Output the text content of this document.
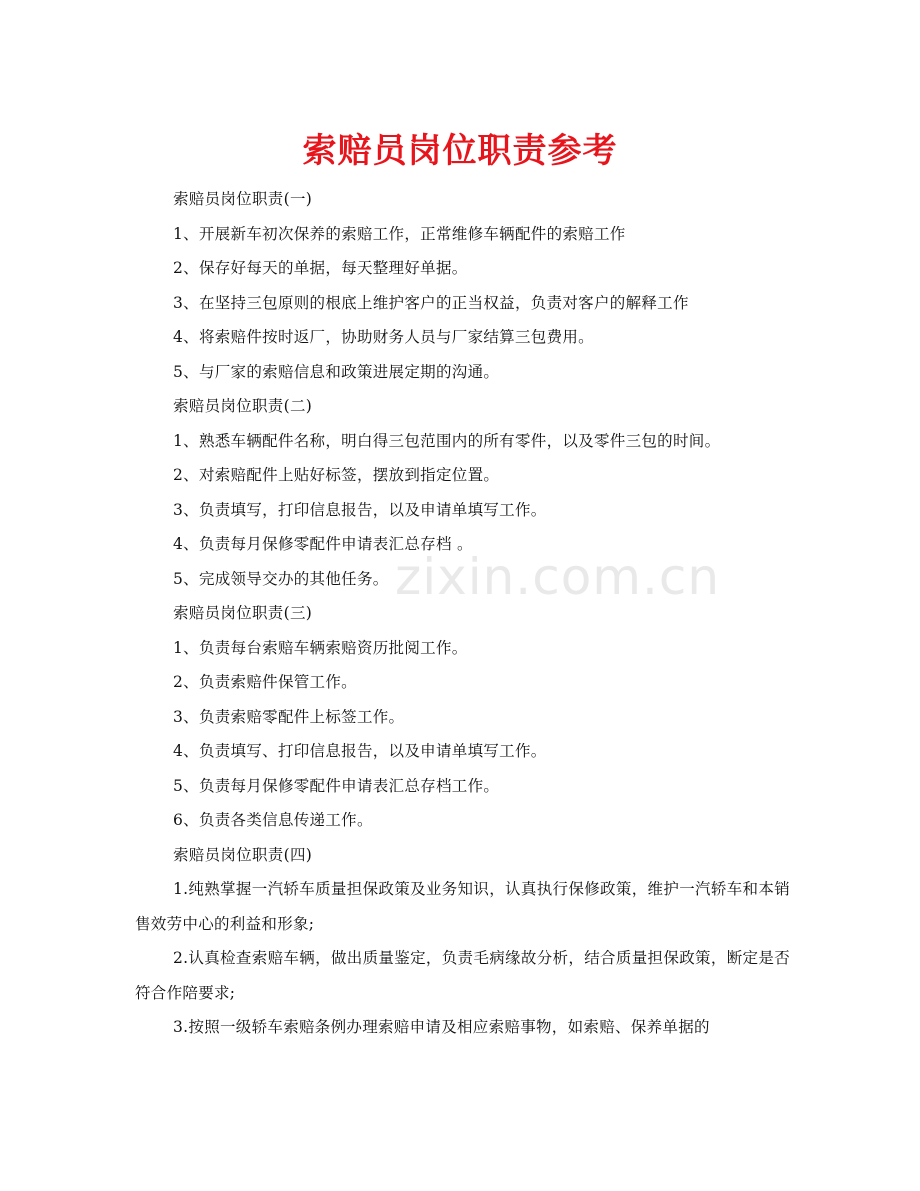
zixin.com.cn
索赔员岗位职责参考
索赔员岗位职责(一)
1、开展新车初次保养的索赔工作，正常维修车辆配件的索赔工作
2、保存好每天的单据，每天整理好单据。
3、在坚持三包原则的根底上维护客户的正当权益，负责对客户的解释工作
4、将索赔件按时返厂，协助财务人员与厂家结算三包费用。
5、与厂家的索赔信息和政策进展定期的沟通。
索赔员岗位职责(二)
1、熟悉车辆配件名称，明白得三包范围内的所有零件，以及零件三包的时间。
2、对索赔配件上贴好标签，摆放到指定位置。
3、负责填写，打印信息报告，以及申请单填写工作。
4、负责每月保修零配件申请表汇总存档 。
5、完成领导交办的其他任务。
索赔员岗位职责(三)
1、负责每台索赔车辆索赔资历批阅工作。
2、负责索赔件保管工作。
3、负责索赔零配件上标签工作。
4、负责填写、打印信息报告，以及申请单填写工作。
5、负责每月保修零配件申请表汇总存档工作。
6、负责各类信息传递工作。
索赔员岗位职责(四)
1.纯熟掌握一汽轿车质量担保政策及业务知识，认真执行保修政策，维护一汽轿车和本销售效劳中心的利益和形象;
2.认真检查索赔车辆，做出质量鉴定，负责毛病缘故分析，结合质量担保政策，断定是否符合作陪要求;
3.按照一级轿车索赔条例办理索赔申请及相应索赔事物，如索赔、保养单据的
